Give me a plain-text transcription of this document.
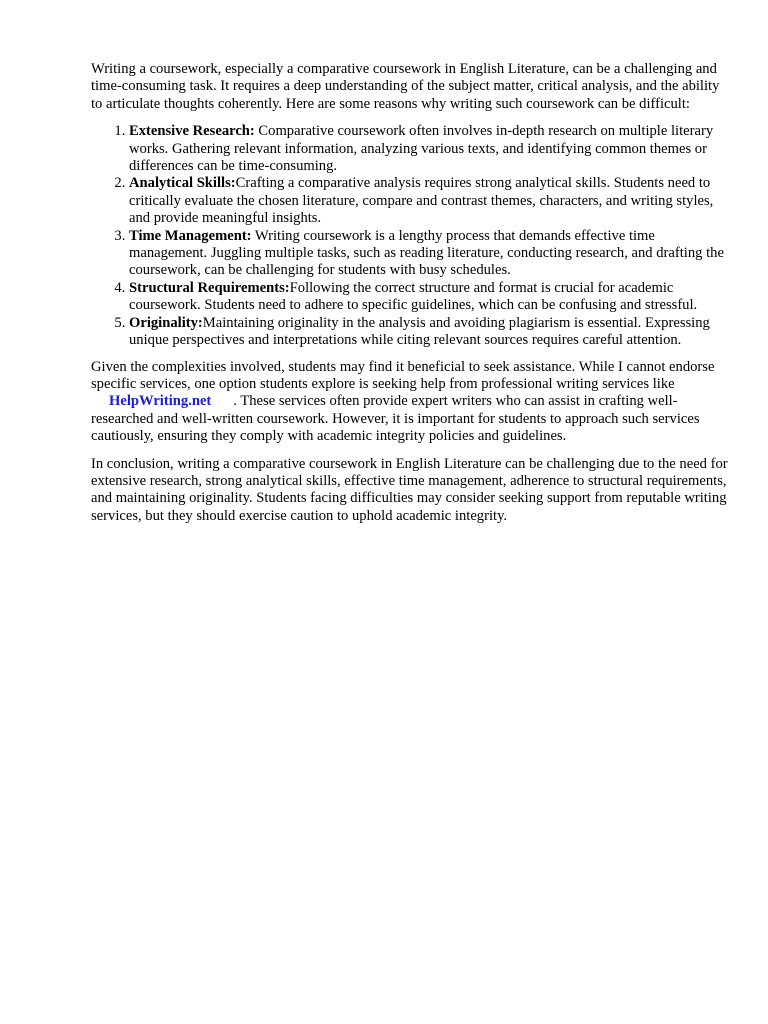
Writing a coursework, especially a comparative coursework in English Literature, can be a challenging and time-consuming task. It requires a deep understanding of the subject matter, critical analysis, and the ability to articulate thoughts coherently. Here are some reasons why writing such coursework can be difficult:

1. Extensive Research: Comparative coursework often involves in-depth research on multiple literary works. Gathering relevant information, analyzing various texts, and identifying common themes or differences can be time-consuming.
2. Analytical Skills:Crafting a comparative analysis requires strong analytical skills. Students need to critically evaluate the chosen literature, compare and contrast themes, characters, and writing styles, and provide meaningful insights.
3. Time Management: Writing coursework is a lengthy process that demands effective time management. Juggling multiple tasks, such as reading literature, conducting research, and drafting the coursework, can be challenging for students with busy schedules.
4. Structural Requirements:Following the correct structure and format is crucial for academic coursework. Students need to adhere to specific guidelines, which can be confusing and stressful.
5. Originality:Maintaining originality in the analysis and avoiding plagiarism is essential. Expressing unique perspectives and interpretations while citing relevant sources requires careful attention.

Given the complexities involved, students may find it beneficial to seek assistance. While I cannot endorse specific services, one option students explore is seeking help from professional writing services likeHelpWriting.net . These services often provide expert writers who can assist in crafting well-researched and well-written coursework. However, it is important for students to approach such services cautiously, ensuring they comply with academic integrity policies and guidelines.

In conclusion, writing a comparative coursework in English Literature can be challenging due to the need for extensive research, strong analytical skills, effective time management, adherence to structural requirements, and maintaining originality. Students facing difficulties may consider seeking support from reputable writing services, but they should exercise caution to uphold academic integrity.
